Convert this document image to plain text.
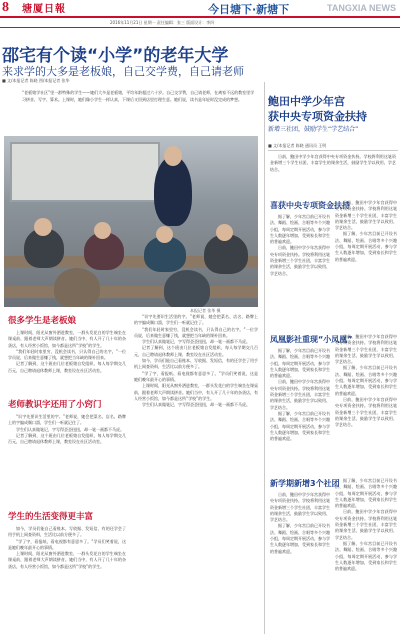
8	塘厦日報	今日塘下·新塘下	TANGXIA NEWS
2016年11月21日 星期一 责任编辑：张三 版面设计：李四
邵宅有个读“小学”的老年大学
来求学的大多是老板娘，自己交学费，自己请老师
■ 文/本报记者 陈晓 图/本报记者 张华
“老板娘学社区”里一群特殊的学生——她们大多是老板娘，平均年龄超过六十岁。自己交学费，自己请老师，在离家不远的教室里学习拼音、写字、算术。上课时，她们像小学生一样认真，下课后又回到店里打理生意。她们说，读书是年轻时没完成的梦想。
本报记者 张华 摄
很多学生是老板娘

上课时间，阳光从窗外洒进教室，一群头发花白的学生端坐在课桌前，跟着老师大声朗读拼音。她们当中，有人开了几十年的杂货店，有人经营小饭馆，如今都是这所“学校”的学生。

“我们年轻时家里穷，没机会读书，只认得自己的名字。”一位学员说，后来做生意赚了钱，就想把当年缺的课补回来。

记者了解到，这个班由几位老板娘自发组织，每人每学期交几百元，自己聘请退休教师上课，教室设在社区活动室。

老师教识字还用了小窍门

“识字先要识生活里的字。”老师说，她会把菜名、店名、路牌上的字编成顺口溜，学生们一听就记住了。

学生们认真做笔记，字写得歪歪扭扭，却一笔一画都不马虎。

记者了解到，这个班由几位老板娘自发组织，每人每学期交几百元，自己聘请退休教师上课，教室设在社区活动室。

学生的生活变得更丰富

如今，学员们能自己看账本、写收据、发短信，有的还学会了用手机上网查资料，生活比以前方便多了。

“学了字，看报纸、看电视都有意思多了。”学员们笑着说，这是她们晚年最开心的事情。

上课时间，阳光从窗外洒进教室，一群头发花白的学生端坐在课桌前，跟着老师大声朗读拼音。她们当中，有人开了几十年的杂货店，有人经营小饭馆，如今都是这所“学校”的学生。

“识字先要识生活里的字。”老师说，她会把菜名、店名、路牌上的字编成顺口溜，学生们一听就记住了。

“我们年轻时家里穷，没机会读书，只认得自己的名字。”一位学员说，后来做生意赚了钱，就想把当年缺的课补回来。

学生们认真做笔记，字写得歪歪扭扭，却一笔一画都不马虎。

记者了解到，这个班由几位老板娘自发组织，每人每学期交几百元，自己聘请退休教师上课，教室设在社区活动室。

如今，学员们能自己看账本、写收据、发短信，有的还学会了用手机上网查资料，生活比以前方便多了。

“学了字，看报纸、看电视都有意思多了。”学员们笑着说，这是她们晚年最开心的事情。

上课时间，阳光从窗外洒进教室，一群头发花白的学生端坐在课桌前，跟着老师大声朗读拼音。她们当中，有人开了几十年的杂货店，有人经营小饭馆，如今都是这所“学校”的学生。

学生们认真做笔记，字写得歪歪扭扭，却一笔一画都不马虎。

鲍田中学少年宫
获中央专项资金扶持
新增三社团，鼓励学生“学艺结合”
■ 文/本报记者 陈晓 通讯员 王明

日前，鲍田中学少年宫获得中央专项资金扶持。学校将利用这笔资金新增三个学生社团，丰富学生的课余生活，鼓励学生学以致用、学艺结合。

喜获中央专项资金扶持

据了解，少年宫目前已开设书法、舞蹈、绘画、合唱等多个兴趣小组，每周定期开展活动，参与学生人数逐年增加，受到家长和学生的普遍欢迎。

日前，鲍田中学少年宫获得中央专项资金扶持。学校将利用这笔资金新增三个学生社团，丰富学生的课余生活，鼓励学生学以致用、学艺结合。

日前，鲍田中学少年宫获得中央专项资金扶持。学校将利用这笔资金新增三个学生社团，丰富学生的课余生活，鼓励学生学以致用、学艺结合。

据了解，少年宫目前已开设书法、舞蹈、绘画、合唱等多个兴趣小组，每周定期开展活动，参与学生人数逐年增加，受到家长和学生的普遍欢迎。

凤凰影社重现“小凤凰”

据了解，少年宫目前已开设书法、舞蹈、绘画、合唱等多个兴趣小组，每周定期开展活动，参与学生人数逐年增加，受到家长和学生的普遍欢迎。

日前，鲍田中学少年宫获得中央专项资金扶持。学校将利用这笔资金新增三个学生社团，丰富学生的课余生活，鼓励学生学以致用、学艺结合。

据了解，少年宫目前已开设书法、舞蹈、绘画、合唱等多个兴趣小组，每周定期开展活动，参与学生人数逐年增加，受到家长和学生的普遍欢迎。

日前，鲍田中学少年宫获得中央专项资金扶持。学校将利用这笔资金新增三个学生社团，丰富学生的课余生活，鼓励学生学以致用、学艺结合。

据了解，少年宫目前已开设书法、舞蹈、绘画、合唱等多个兴趣小组，每周定期开展活动，参与学生人数逐年增加，受到家长和学生的普遍欢迎。

日前，鲍田中学少年宫获得中央专项资金扶持。学校将利用这笔资金新增三个学生社团，丰富学生的课余生活，鼓励学生学以致用、学艺结合。

新学期新增3个社团

日前，鲍田中学少年宫获得中央专项资金扶持。学校将利用这笔资金新增三个学生社团，丰富学生的课余生活，鼓励学生学以致用、学艺结合。

据了解，少年宫目前已开设书法、舞蹈、绘画、合唱等多个兴趣小组，每周定期开展活动，参与学生人数逐年增加，受到家长和学生的普遍欢迎。

据了解，少年宫目前已开设书法、舞蹈、绘画、合唱等多个兴趣小组，每周定期开展活动，参与学生人数逐年增加，受到家长和学生的普遍欢迎。

日前，鲍田中学少年宫获得中央专项资金扶持。学校将利用这笔资金新增三个学生社团，丰富学生的课余生活，鼓励学生学以致用、学艺结合。

据了解，少年宫目前已开设书法、舞蹈、绘画、合唱等多个兴趣小组，每周定期开展活动，参与学生人数逐年增加，受到家长和学生的普遍欢迎。
